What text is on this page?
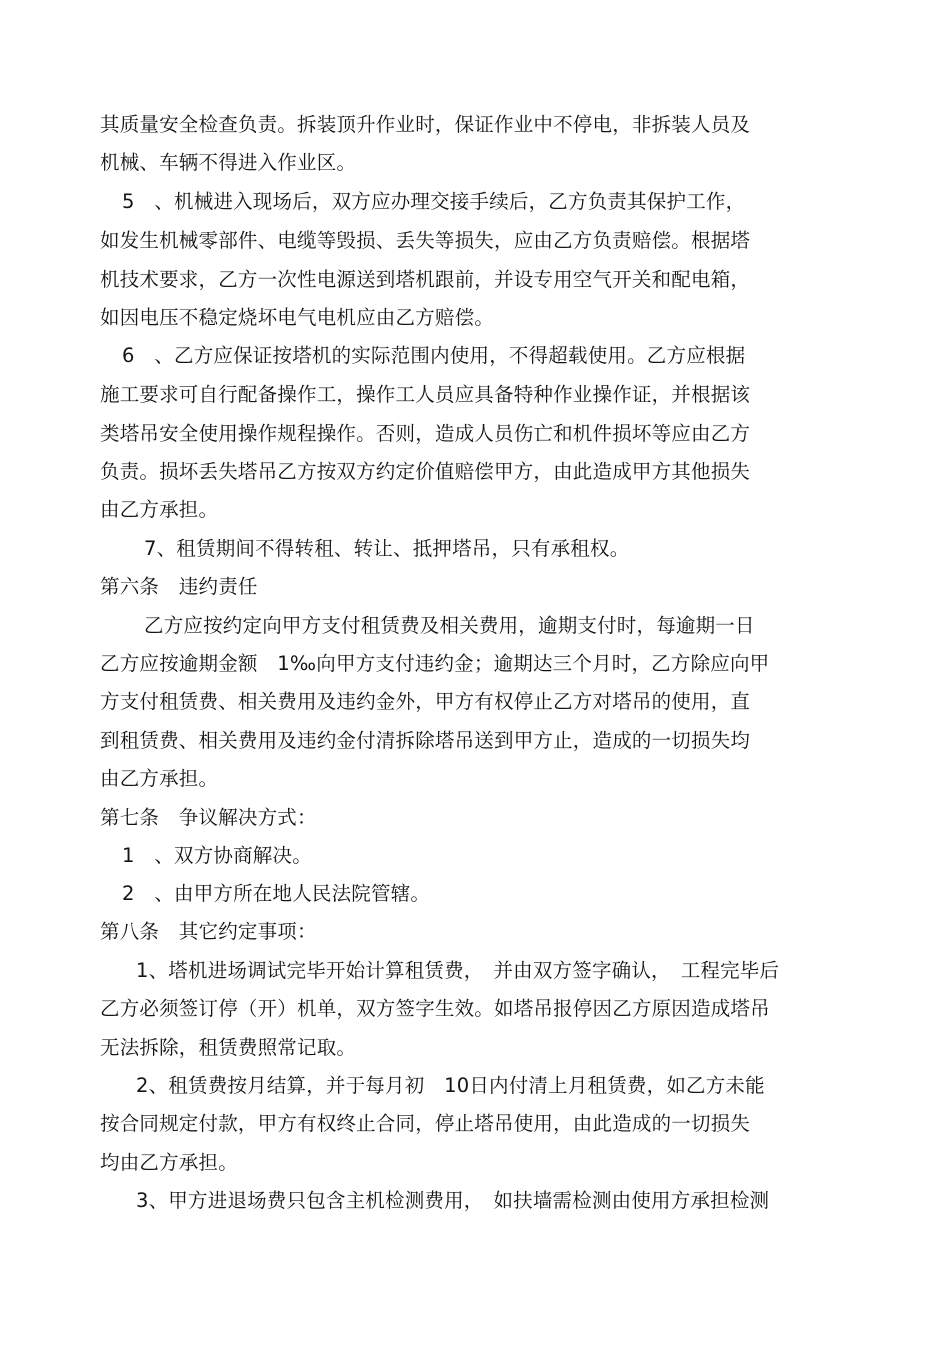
其质量安全检查负责。拆装顶升作业时，保证作业中不停电，非拆装人员及
机械、车辆不得进入作业区。
5　、机械进入现场后，双方应办理交接手续后，乙方负责其保护工作，
如发生机械零部件、电缆等毁损、丢失等损失，应由乙方负责赔偿。根据塔
机技术要求，乙方一次性电源送到塔机跟前，并设专用空气开关和配电箱，
如因电压不稳定烧坏电气电机应由乙方赔偿。
6　、乙方应保证按塔机的实际范围内使用，不得超载使用。乙方应根据
施工要求可自行配备操作工，操作工人员应具备特种作业操作证，并根据该
类塔吊安全使用操作规程操作。否则，造成人员伤亡和机件损坏等应由乙方
负责。损坏丢失塔吊乙方按双方约定价值赔偿甲方，由此造成甲方其他损失
由乙方承担。
7、租赁期间不得转租、转让、抵押塔吊，只有承租权。
第六条　违约责任
乙方应按约定向甲方支付租赁费及相关费用，逾期支付时，每逾期一日
乙方应按逾期金额　1‰向甲方支付违约金；逾期达三个月时，乙方除应向甲
方支付租赁费、相关费用及违约金外，甲方有权停止乙方对塔吊的使用，直
到租赁费、相关费用及违约金付清拆除塔吊送到甲方止，造成的一切损失均
由乙方承担。
第七条　争议解决方式：
1　、双方协商解决。
2　、由甲方所在地人民法院管辖。
第八条　其它约定事项：
1、塔机进场调试完毕开始计算租赁费，　并由双方签字确认，　工程完毕后
乙方必须签订停（开）机单，双方签字生效。如塔吊报停因乙方原因造成塔吊
无法拆除，租赁费照常记取。
2、租赁费按月结算，并于每月初　10日内付清上月租赁费，如乙方未能
按合同规定付款，甲方有权终止合同，停止塔吊使用，由此造成的一切损失
均由乙方承担。
3、甲方进退场费只包含主机检测费用，　如扶墙需检测由使用方承担检测
